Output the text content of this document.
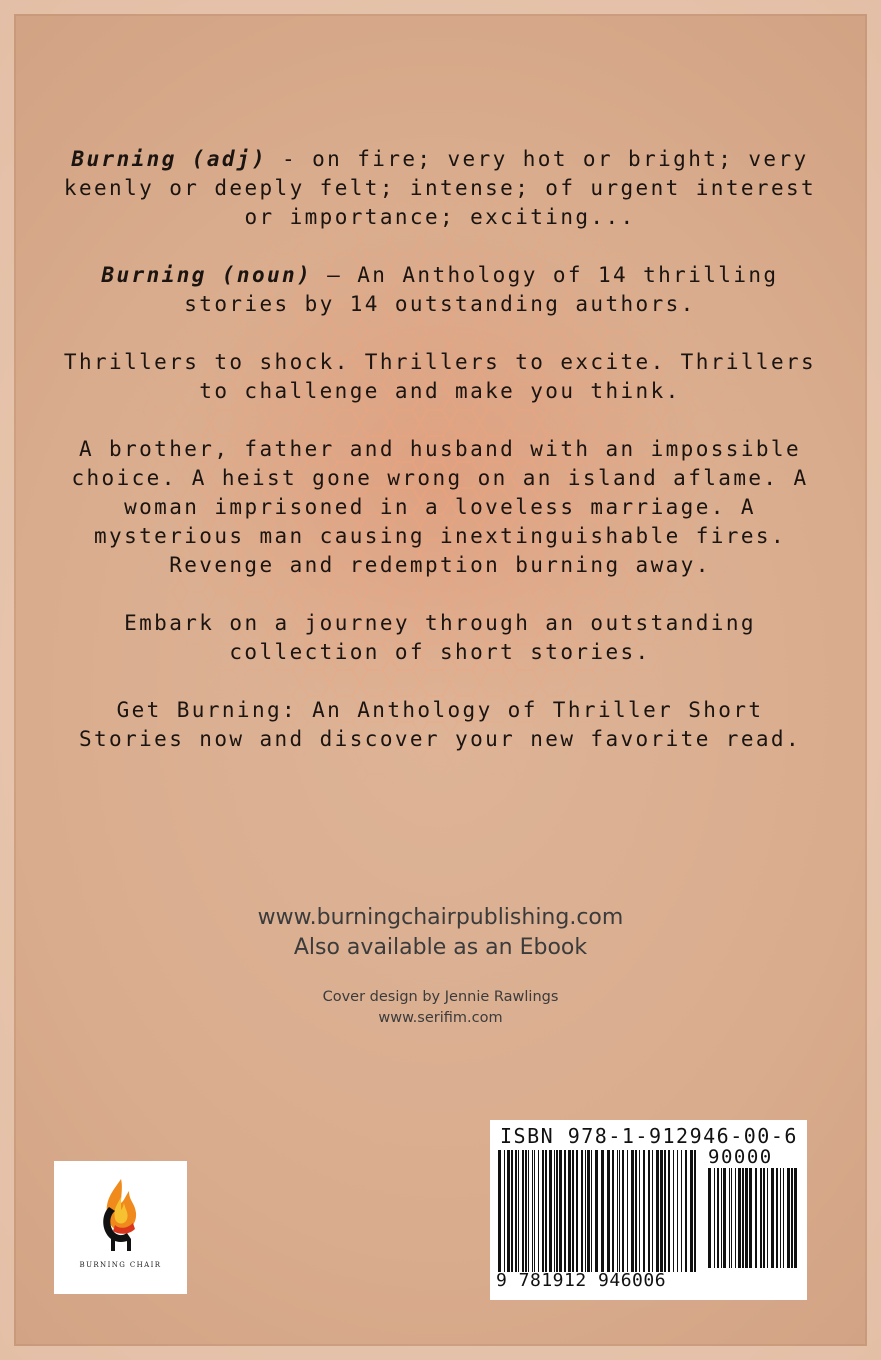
Burning (adj) - on fire; very hot or bright; very keenly or deeply felt; intense; of urgent interest or importance; exciting...

Burning (noun) – An Anthology of 14 thrilling stories by 14 outstanding authors.

Thrillers to shock. Thrillers to excite. Thrillers to challenge and make you think.

A brother, father and husband with an impossible choice. A heist gone wrong on an island aflame. A woman imprisoned in a loveless marriage. A mysterious man causing inextinguishable fires. Revenge and redemption burning away.

Embark on a journey through an outstanding collection of short stories.

Get Burning: An Anthology of Thriller Short Stories now and discover your new favorite read.

www.burningchairpublishing.com
Also available as an Ebook
Cover design by Jennie Rawlings
www.serifim.com
BURNING CHAIR
ISBN 978-1-912946-00-6
90000
9 781912 946006
